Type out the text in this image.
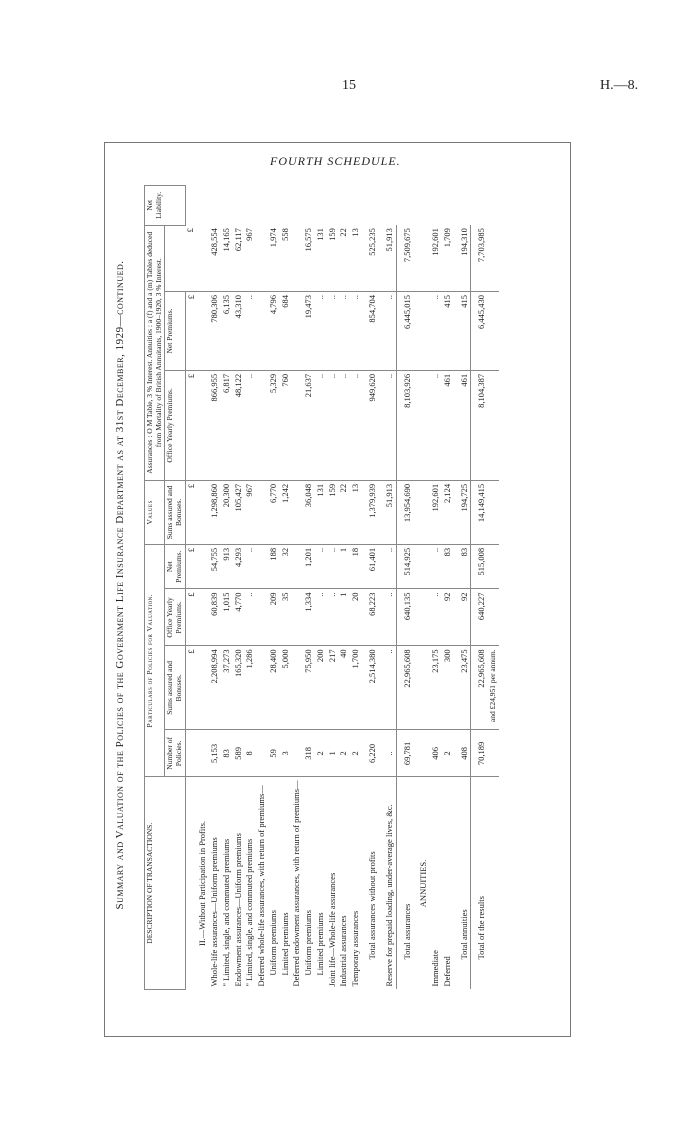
15	H.—8.
FOURTH SCHEDULE.
Summary and Valuation of the Policies of the Government Life Insurance Department as at 31st December, 1929—continued.	DESCRIPTION OF TRANSACTIONS.	Particulars of Policies for Valuation.				Values	Assurances : O M Table, 3 % Interest. Annuities : a (f) and a (m) Tables deduced from Mortality of British Annuitants, 1900–1920, 3 % Interest.			Net Liability.
	Number of Policies.	Sums assured and Bonuses.	Office Yearly Premiums.	Net Premiums.	Sums assured and Bonuses.	Office Yearly Premiums.	Net Premiums.		
		£	£	£	£	£	£	£	
II.—Without Participation in Profits.									
Whole-life assurances—Uniform premiums	5,153	2,208,994	60,839	54,755	1,298,860	866,955	780,306	428,554	
" Limited, single, and commuted premiums	83	37,273	1,015	913	20,300	6,817	6,135	14,165	
Endowment assurances—Uniform premiums	589	165,320	4,770	4,293	105,427	48,122	43,310	62,117	
" Limited, single, and commuted premiums	8	1,286	..	..	967	..	..	967	
Deferred whole-life assurances, with return of premiums—									
Uniform premiums	59	28,400	209	188	6,770	5,329	4,796	1,974	
Limited premiums	3	5,000	35	32	1,242	760	684	558	
Deferred endowment assurances, with return of premiums—									
Uniform premiums	318	75,950	1,334	1,201	36,048	21,637	19,473	16,575	
Limited premiums	2	200	..	..	131	..	..	131	
Joint life—Whole-life assurances	1	217	..	..	159	..	..	159	
Industrial assurances	2	40	1	1	22	..	..	22	
Temporary assurances	2	1,700	20	18	13	..	..	13	
Total assurances without profits	6,220	2,514,380	68,223	61,401	1,379,939	949,620	854,704	525,235	
Reserve for prepaid loading, under-average lives, &c.	..	..	..	..	51,913	..	..	51,913	
Total assurances	69,781	22,965,608	640,135	514,925	13,954,690	8,103,926	6,445,015	7,509,675	
ANNUITIES.									
Immediate	406	23,175	..	..	192,601	..	..	192,601	
Deferred	2	300	92	83	2,124	461	415	1,709	
Total annuities	408	23,475	92	83	194,725	461	415	194,310	
Total of the results	70,189	22,965,608	640,227	515,008	14,149,415	8,104,387	6,445,430	7,703,985	
		and £24,951 per annum.							
